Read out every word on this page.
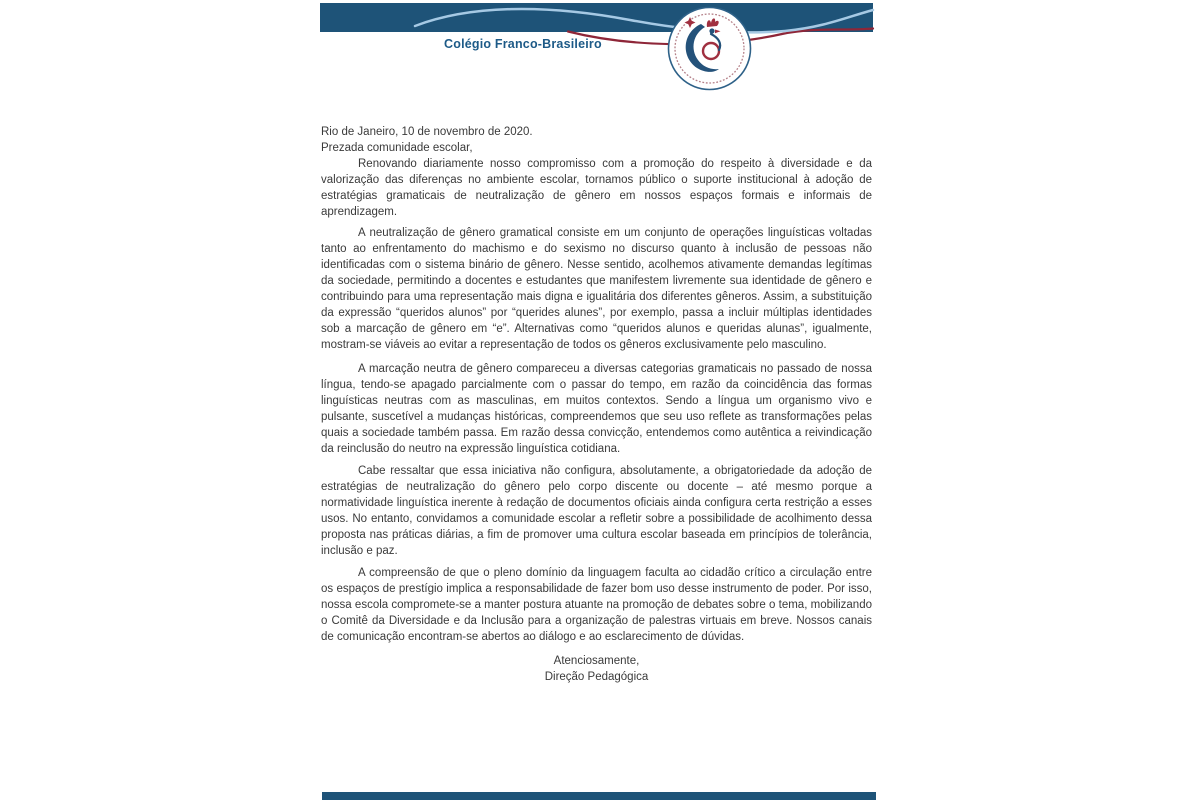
Colégio Franco-Brasileiro

Rio de Janeiro, 10 de novembro de 2020.

Prezada comunidade escolar,

Renovando diariamente nosso compromisso com a promoção do respeito à diversidade e da valorização das diferenças no ambiente escolar, tornamos público o suporte institucional à adoção de estratégias gramaticais de neutralização de gênero em nossos espaços formais e informais de aprendizagem.

A neutralização de gênero gramatical consiste em um conjunto de operações linguísticas voltadas tanto ao enfrentamento do machismo e do sexismo no discurso quanto à inclusão de pessoas não identificadas com o sistema binário de gênero. Nesse sentido, acolhemos ativamente demandas legítimas da sociedade, permitindo a docentes e estudantes que manifestem livremente sua identidade de gênero e contribuindo para uma representação mais digna e igualitária dos diferentes gêneros. Assim, a substituição da expressão “queridos alunos” por “querides alunes”, por exemplo, passa a incluir múltiplas identidades sob a marcação de gênero em “e”. Alternativas como “queridos alunos e queridas alunas”, igualmente, mostram-se viáveis ao evitar a representação de todos os gêneros exclusivamente pelo masculino.

A marcação neutra de gênero compareceu a diversas categorias gramaticais no passado de nossa língua, tendo-se apagado parcialmente com o passar do tempo, em razão da coincidência das formas linguísticas neutras com as masculinas, em muitos contextos. Sendo a língua um organismo vivo e pulsante, suscetível a mudanças históricas, compreendemos que seu uso reflete as transformações pelas quais a sociedade também passa. Em razão dessa convicção, entendemos como autêntica a reivindicação da reinclusão do neutro na expressão linguística cotidiana.

Cabe ressaltar que essa iniciativa não configura, absolutamente, a obrigatoriedade da adoção de estratégias de neutralização do gênero pelo corpo discente ou docente – até mesmo porque a normatividade linguística inerente à redação de documentos oficiais ainda configura certa restrição a esses usos. No entanto, convidamos a comunidade escolar a refletir sobre a possibilidade de acolhimento dessa proposta nas práticas diárias, a fim de promover uma cultura escolar baseada em princípios de tolerância, inclusão e paz.

A compreensão de que o pleno domínio da linguagem faculta ao cidadão crítico a circulação entre os espaços de prestígio implica a responsabilidade de fazer bom uso desse instrumento de poder. Por isso, nossa escola compromete-se a manter postura atuante na promoção de debates sobre o tema, mobilizando o Comitê da Diversidade e da Inclusão para a organização de palestras virtuais em breve. Nossos canais de comunicação encontram-se abertos ao diálogo e ao esclarecimento de dúvidas.

Atenciosamente,

Direção Pedagógica
